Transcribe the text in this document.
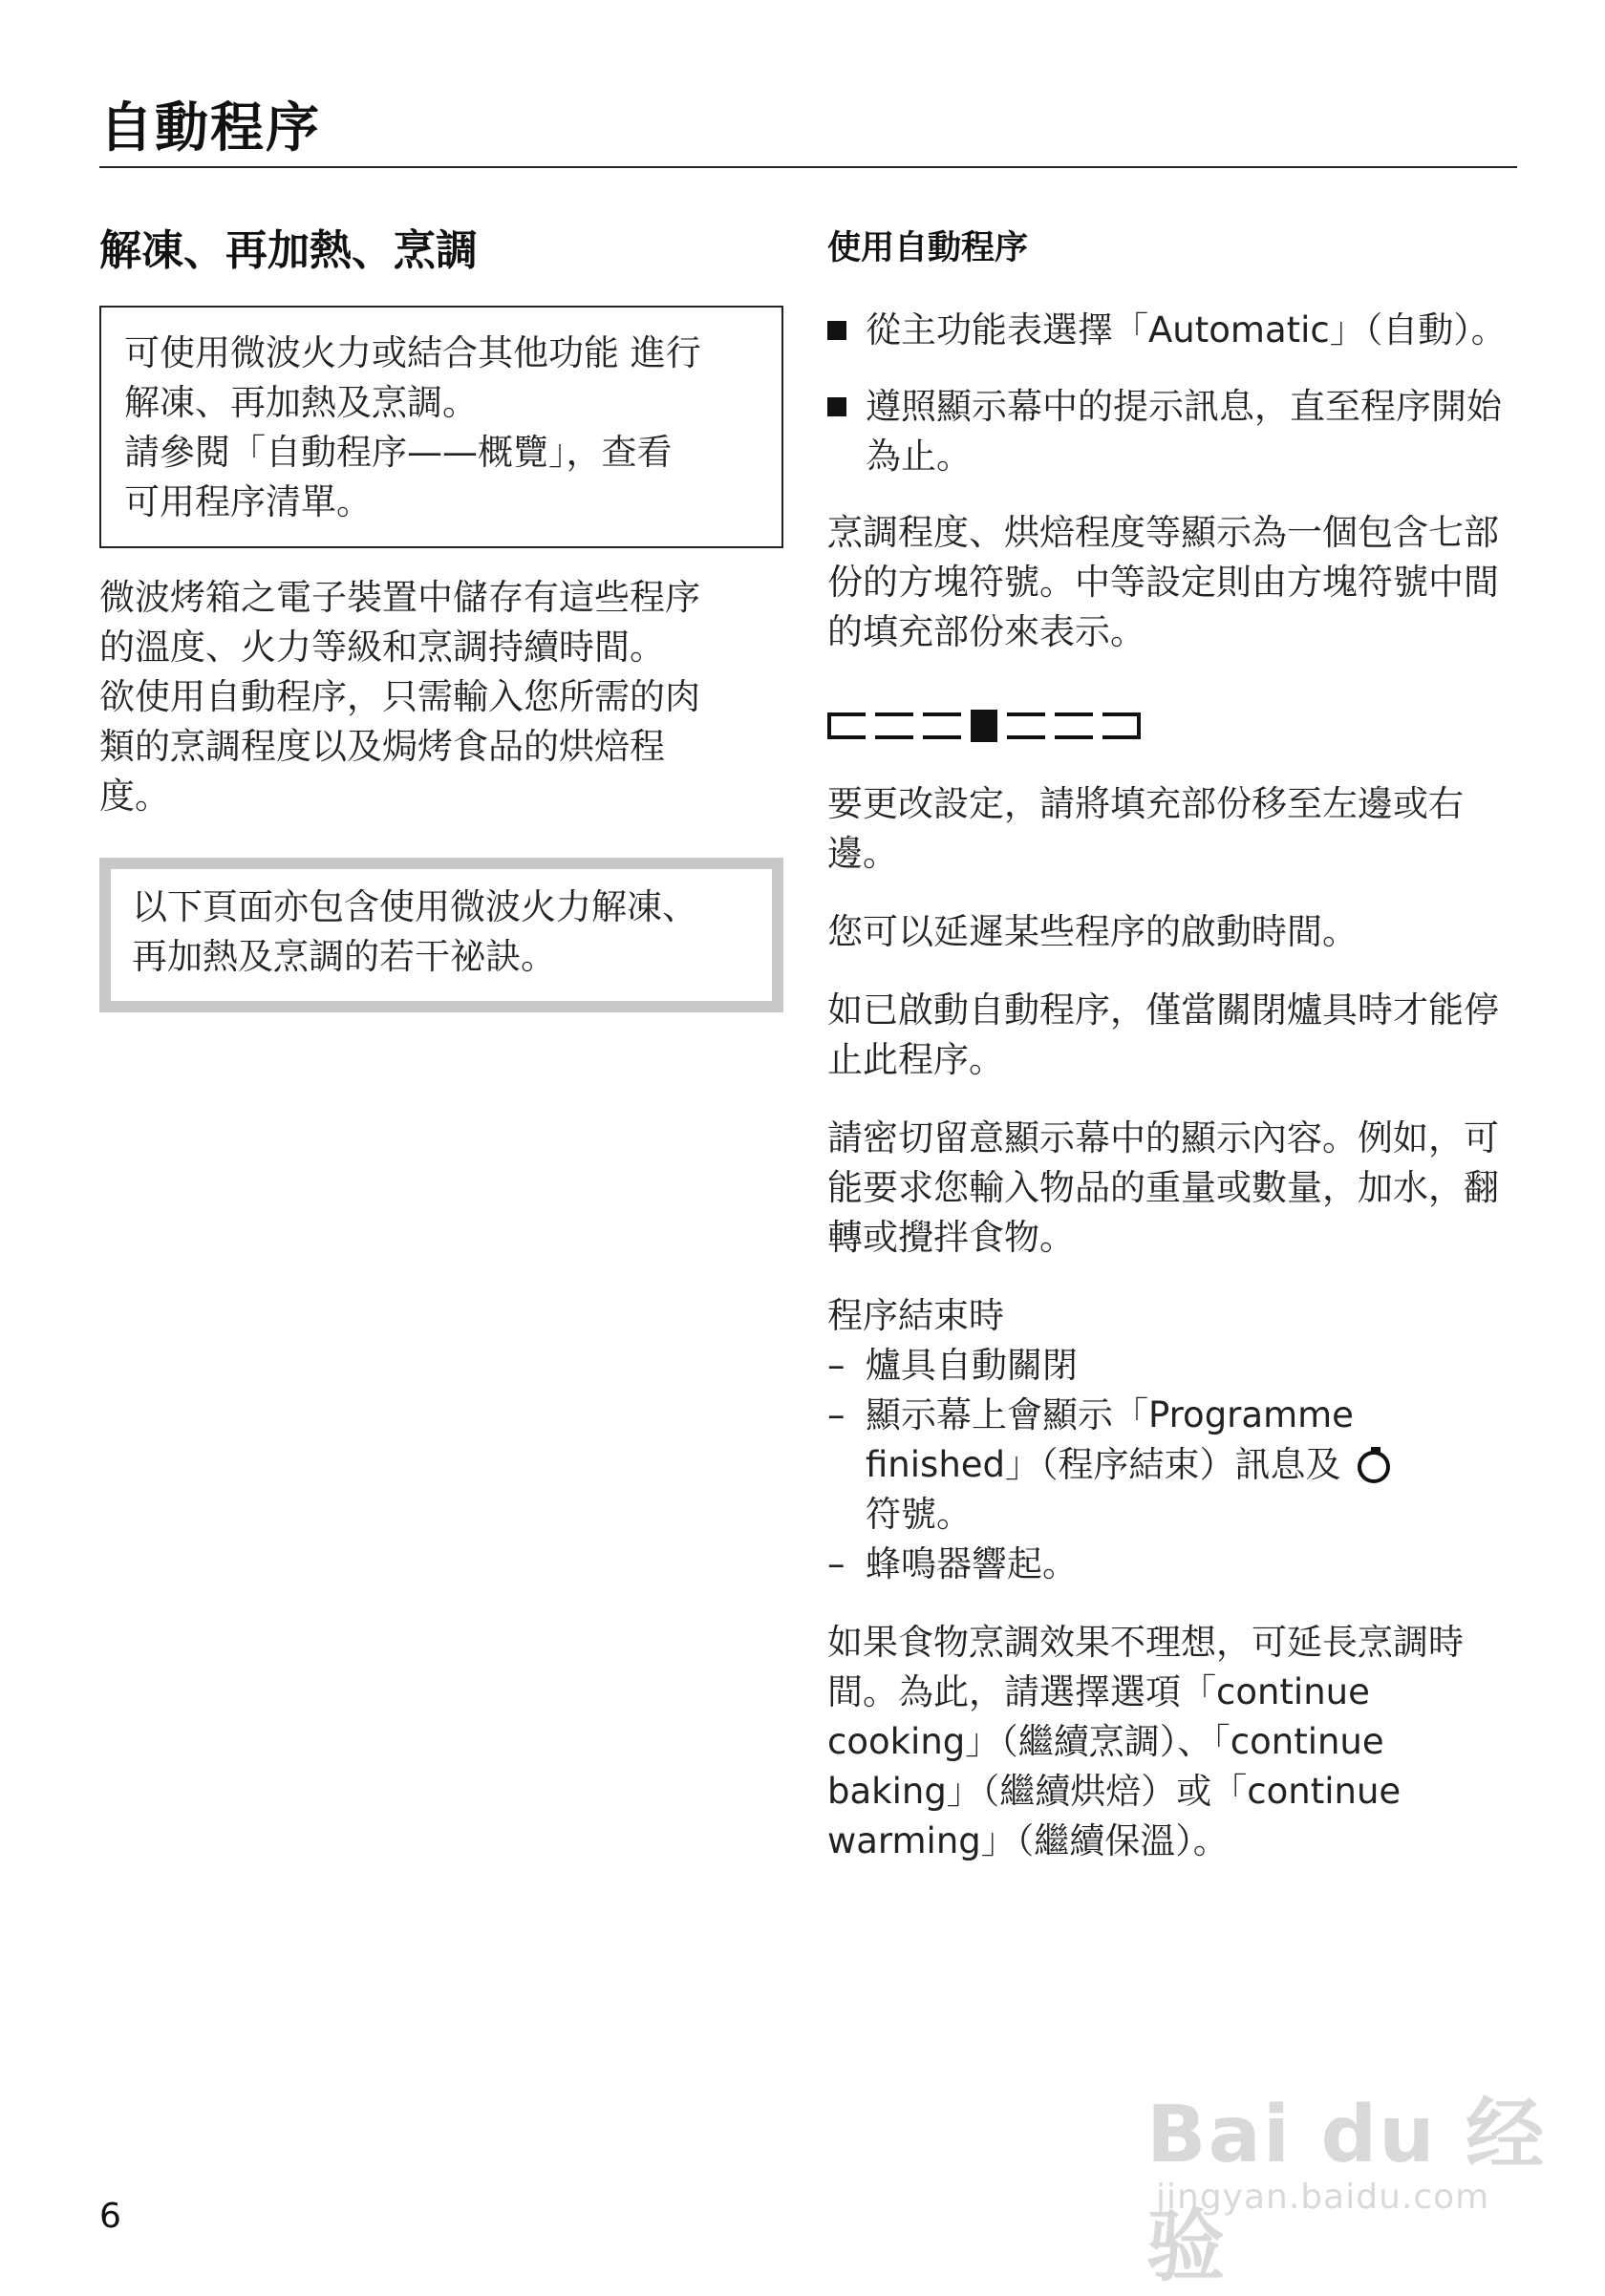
自動程序
解凍、再加熱、烹調
可使用微波火力或結合其他功能 進行
解凍、再加熱及烹調。
請參閱「自動程序——概覽」，查看
可用程序清單。

微波烤箱之電子裝置中儲存有這些程序
的溫度、火力等級和烹調持續時間。
欲使用自動程序，只需輸入您所需的肉
類的烹調程度以及焗烤食品的烘焙程
度。

以下頁面亦包含使用微波火力解凍、
再加熱及烹調的若干祕訣。
使用自動程序
從主功能表選擇「Automatic」（自動）。
遵照顯示幕中的提示訊息，直至程序開始為止。

烹調程度、烘焙程度等顯示為一個包含七部份的方塊符號。中等設定則由方塊符號中間的填充部份來表示。

要更改設定，請將填充部份移至左邊或右邊。

您可以延遲某些程序的啟動時間。

如已啟動自動程序，僅當關閉爐具時才能停止此程序。

請密切留意顯示幕中的顯示內容。例如，可能要求您輸入物品的重量或數量，加水，翻轉或攪拌食物。

程序結束時

– 爐具自動關閉
– 顯示幕上會顯示「Programme finished」（程序結束）訊息及
符號。
– 蜂鳴器響起。

如果食物烹調效果不理想，可延長烹調時間。為此，請選擇選項「continue cooking」（繼續烹調）、「continue baking」（繼續烘焙）或「continue warming」（繼續保溫）。

6
Bai du 经验
jingyan.baidu.com
